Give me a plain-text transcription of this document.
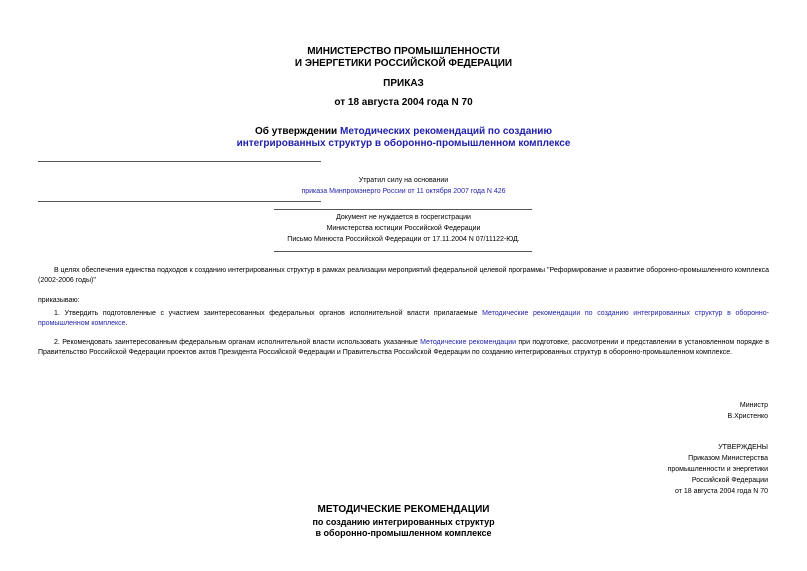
МИНИСТЕРСТВО ПРОМЫШЛЕННОСТИ
И ЭНЕРГЕТИКИ РОССИЙСКОЙ ФЕДЕРАЦИИ
ПРИКАЗ
от 18 августа 2004 года N 70
Об утверждении Методических рекомендаций по созданию
интегрированных структур в оборонно-промышленном комплексе
Утратил силу на основании
приказа Минпромэнерго России от 11 октября 2007 года N 426
Документ не нуждается в госрегистрации
Министерства юстиции Российской Федерации
Письмо Минюста Российской Федерации от 17.11.2004 N 07/11122-ЮД.
В целях обеспечения единства подходов к созданию интегрированных структур в рамках реализации мероприятий федеральной целевой программы "Реформирование и развитие оборонно-промышленного комплекса (2002-2006 годы)"
приказываю:
1. Утвердить подготовленные с участием заинтересованных федеральных органов исполнительной власти прилагаемые Методические рекомендации по созданию интегрированных структур в оборонно-промышленном комплексе.
2. Рекомендовать заинтересованным федеральным органам исполнительной власти использовать указанные Методические рекомендации при подготовке, рассмотрении и представлении в установленном порядке в Правительство Российской Федерации проектов актов Президента Российской Федерации и Правительства Российской Федерации по созданию интегрированных структур в оборонно-промышленном комплексе.
Министр
В.Христенко
УТВЕРЖДЕНЫ
Приказом Министерства
промышленности и энергетики
Российской Федерации
от 18 августа 2004 года N 70
МЕТОДИЧЕСКИЕ РЕКОМЕНДАЦИИ
по созданию интегрированных структур
в оборонно-промышленном комплексе
